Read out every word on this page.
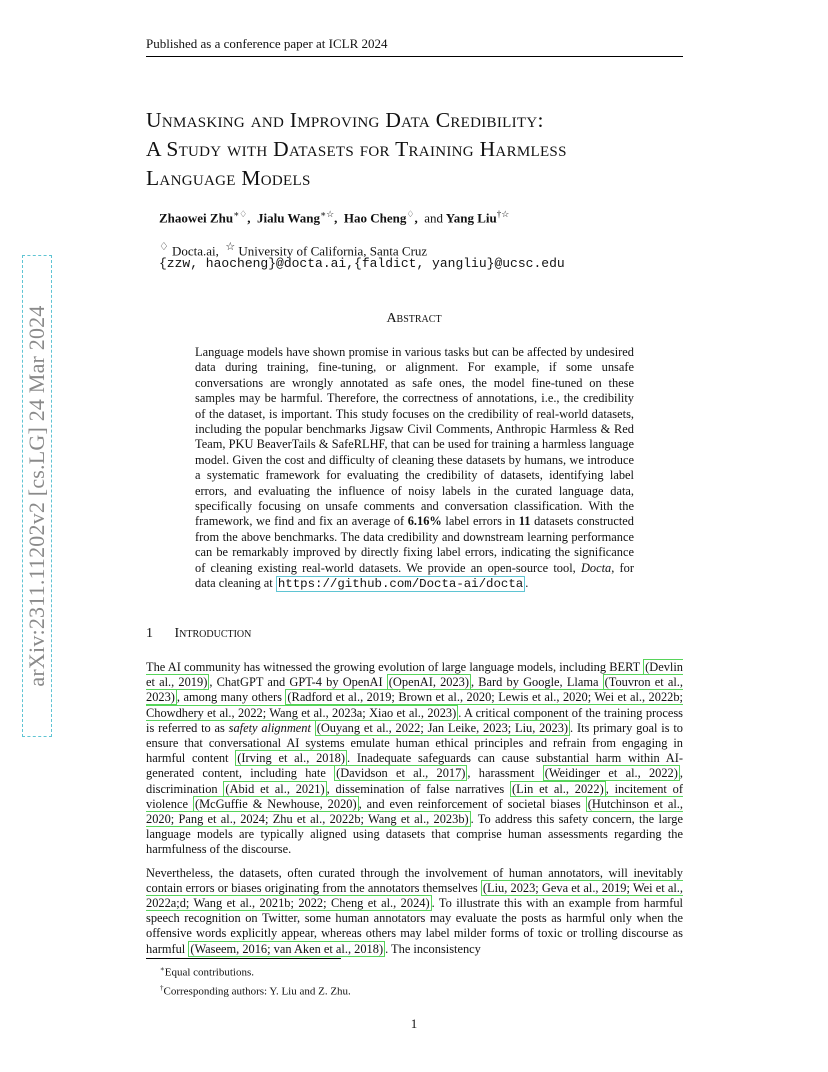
Published as a conference paper at ICLR 2024
arXiv:2311.11202v2 [cs.LG] 24 Mar 2024
Unmasking and Improving Data Credibility:
A Study with Datasets for Training Harmless
Language Models
Zhaowei Zhu∗♢,  Jialu Wang∗☆,  Hao Cheng♢,  and Yang Liu†☆
♢ Docta.ai, ☆ University of California, Santa Cruz
{zzw, haocheng}@docta.ai,{faldict, yangliu}@ucsc.edu
Abstract
Language models have shown promise in various tasks but can be affected by undesired data during training, fine-tuning, or alignment. For example, if some unsafe conversations are wrongly annotated as safe ones, the model fine-tuned on these samples may be harmful. Therefore, the correctness of annotations, i.e., the credibility of the dataset, is important. This study focuses on the credibility of real-world datasets, including the popular benchmarks Jigsaw Civil Comments, Anthropic Harmless & Red Team, PKU BeaverTails & SafeRLHF, that can be used for training a harmless language model. Given the cost and difficulty of cleaning these datasets by humans, we introduce a systematic framework for evaluating the credibility of datasets, identifying label errors, and evaluating the influence of noisy labels in the curated language data, specifically focusing on unsafe comments and conversation classification. With the framework, we find and fix an average of 6.16% label errors in 11 datasets constructed from the above benchmarks. The data credibility and downstream learning performance can be remarkably improved by directly fixing label errors, indicating the significance of cleaning existing real-world datasets. We provide an open-source tool, Docta, for data cleaning at https://github.com/Docta-ai/docta .
1 Introduction

The AI community has witnessed the growing evolution of large language models, including BERT (Devlin et al., 2019) , ChatGPT and GPT-4 by OpenAI (OpenAI, 2023) , Bard by Google, Llama (Touvron et al., 2023) , among many others (Radford et al., 2019; Brown et al., 2020; Lewis et al., 2020; Wei et al., 2022b; Chowdhery et al., 2022; Wang et al., 2023a; Xiao et al., 2023) . A critical component of the training process is referred to as safety alignment (Ouyang et al., 2022; Jan Leike, 2023; Liu, 2023) . Its primary goal is to ensure that conversational AI systems emulate human ethical principles and refrain from engaging in harmful content (Irving et al., 2018) . Inadequate safeguards can cause substantial harm within AI-generated content, including hate (Davidson et al., 2017) , harassment (Weidinger et al., 2022) , discrimination (Abid et al., 2021) , dissemination of false narratives (Lin et al., 2022) , incitement of violence (McGuffie & Newhouse, 2020) , and even reinforcement of societal biases (Hutchinson et al., 2020; Pang et al., 2024; Zhu et al., 2022b; Wang et al., 2023b) . To address this safety concern, the large language models are typically aligned using datasets that comprise human assessments regarding the harmfulness of the discourse.

Nevertheless, the datasets, often curated through the involvement of human annotators, will inevitably contain errors or biases originating from the annotators themselves (Liu, 2023; Geva et al., 2019; Wei et al., 2022a;d; Wang et al., 2021b; 2022; Cheng et al., 2024) . To illustrate this with an example from harmful speech recognition on Twitter, some human annotators may evaluate the posts as harmful only when the offensive words explicitly appear, whereas others may label milder forms of toxic or trolling discourse as harmful (Waseem, 2016; van Aken et al., 2018) . The inconsistency

∗Equal contributions.
†Corresponding authors: Y. Liu and Z. Zhu.
1
